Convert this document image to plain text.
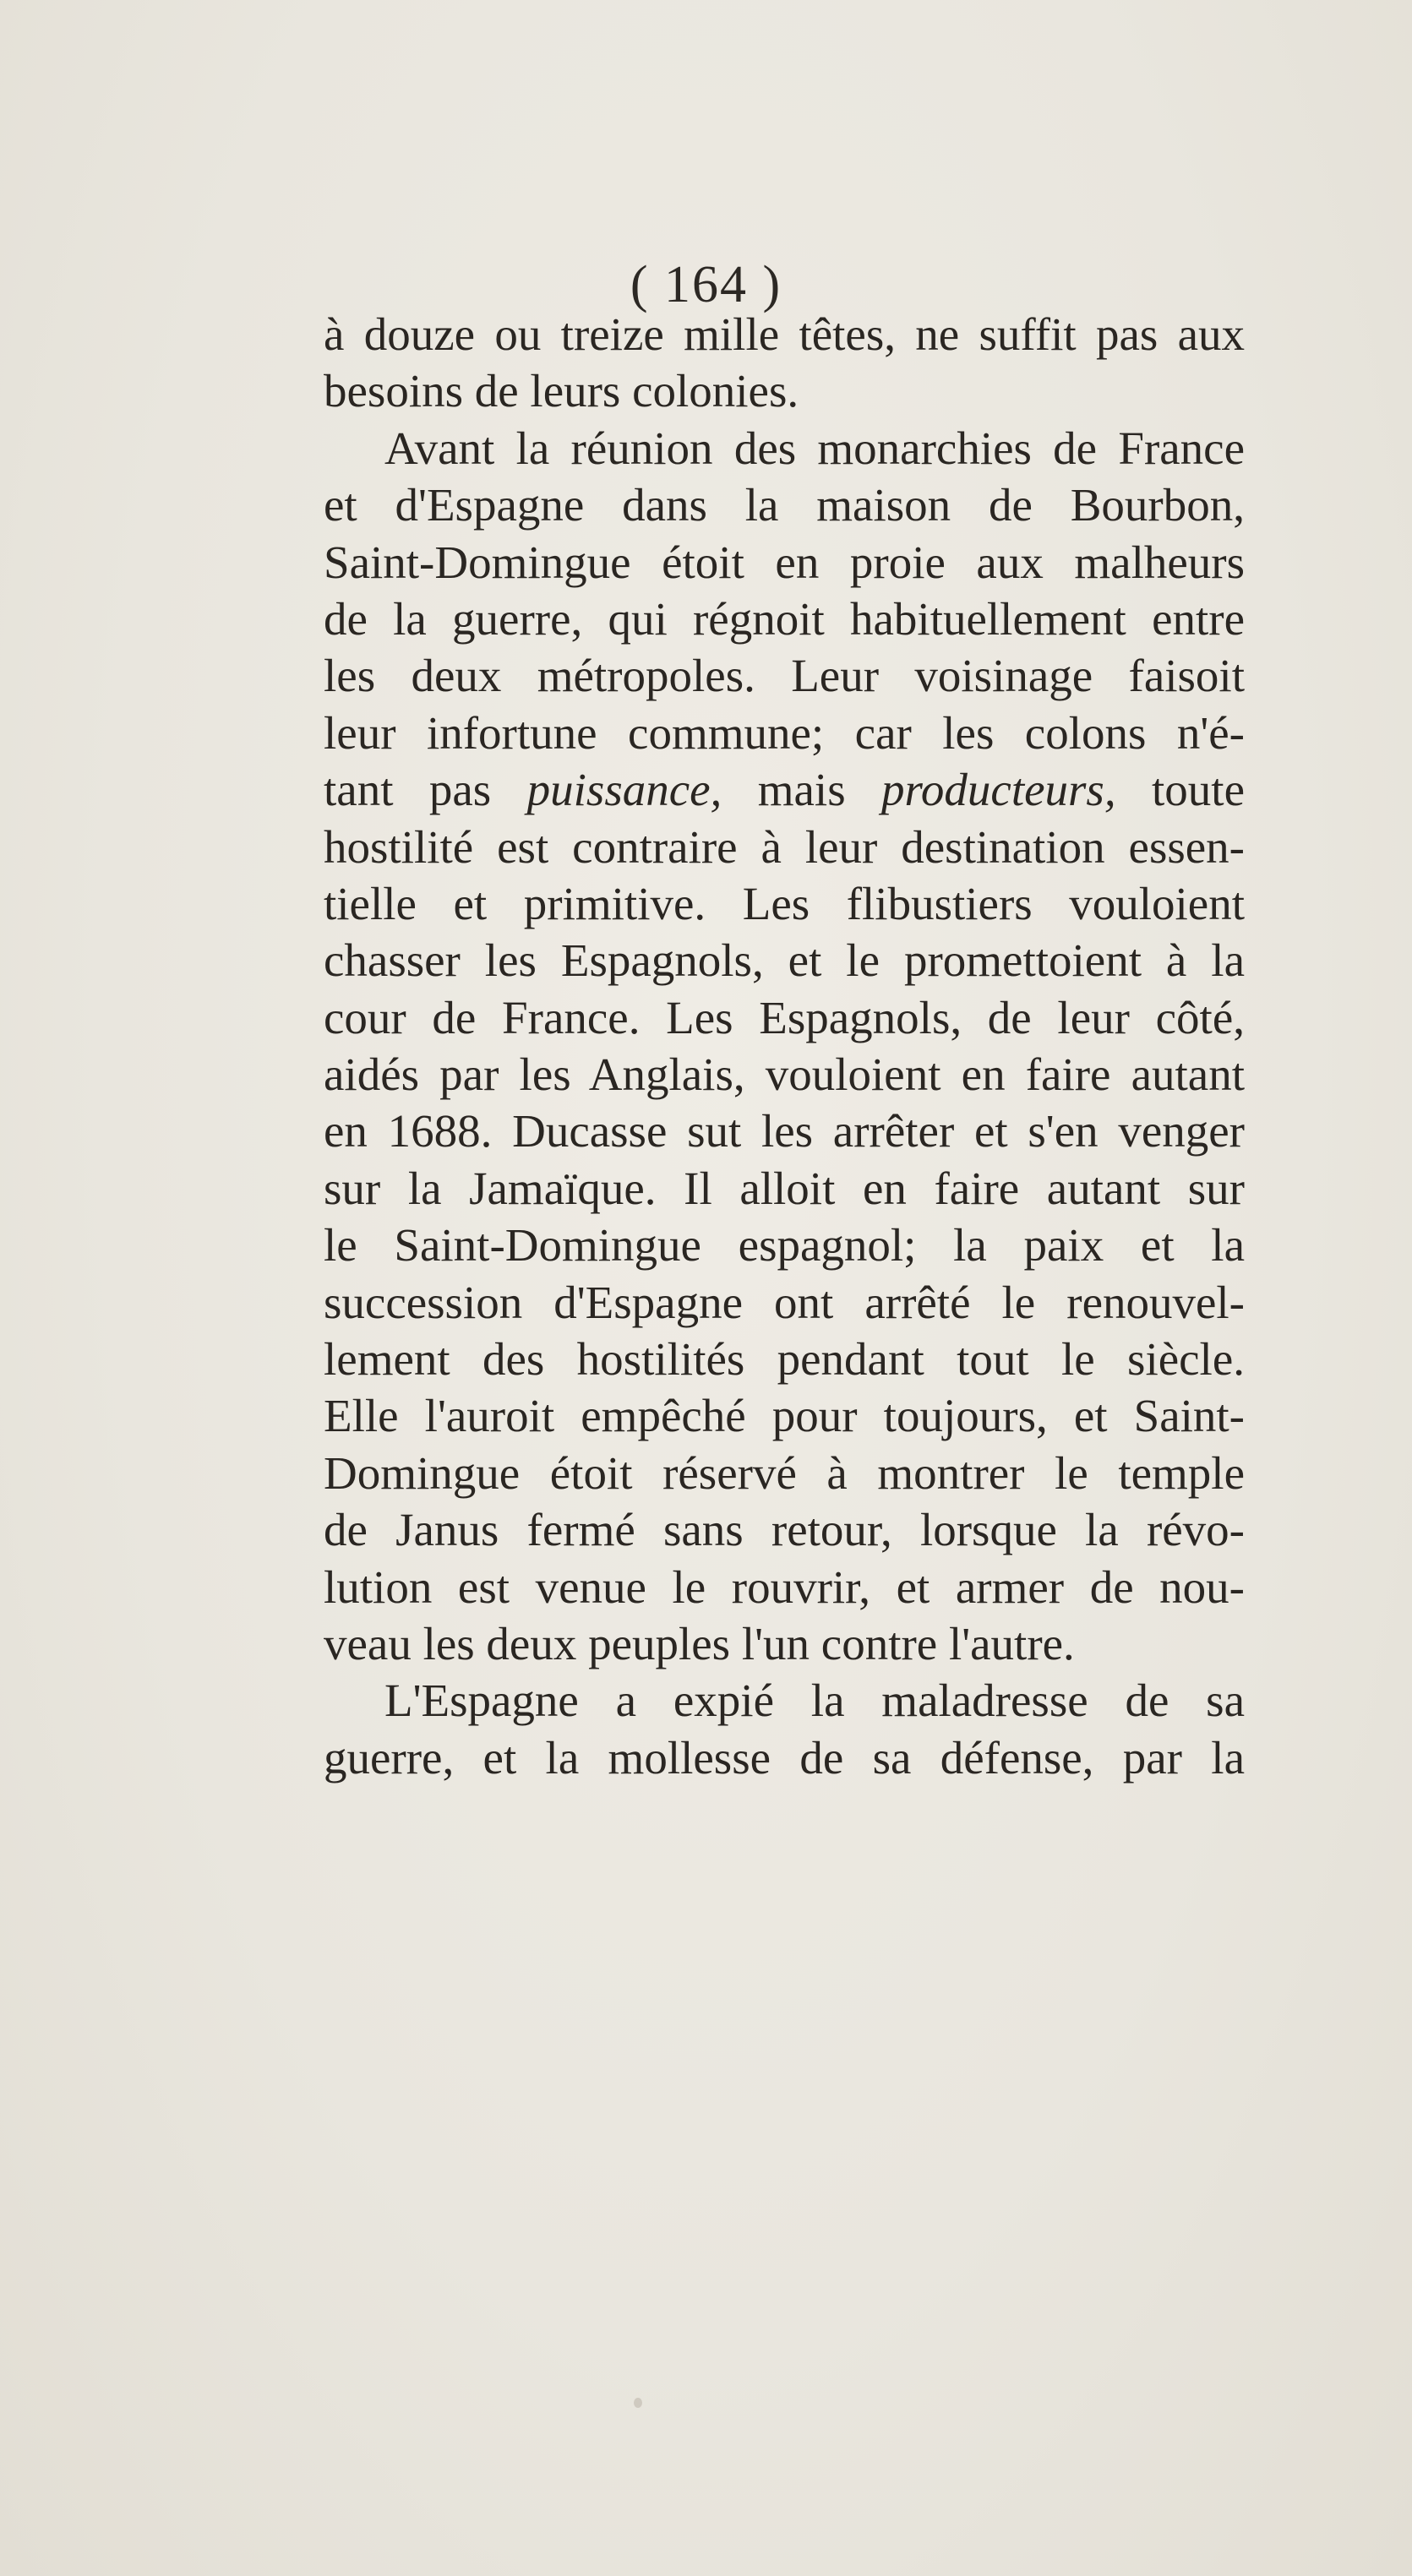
( 164 )
à douze ou treize mille têtes, ne suffit pas aux
besoins de leurs colonies.
Avant la réunion des monarchies de France
et d'Espagne dans la maison de Bourbon,
Saint-Domingue étoit en proie aux malheurs
de la guerre, qui régnoit habituellement entre
les deux métropoles. Leur voisinage faisoit
leur infortune commune; car les colons n'é-
tant pas puissance, mais producteurs, toute
hostilité est contraire à leur destination essen-
tielle et primitive. Les flibustiers vouloient
chasser les Espagnols, et le promettoient à la
cour de France. Les Espagnols, de leur côté,
aidés par les Anglais, vouloient en faire autant
en 1688. Ducasse sut les arrêter et s'en venger
sur la Jamaïque. Il alloit en faire autant sur
le Saint-Domingue espagnol; la paix et la
succession d'Espagne ont arrêté le renouvel-
lement des hostilités pendant tout le siècle.
Elle l'auroit empêché pour toujours, et Saint-
Domingue étoit réservé à montrer le temple
de Janus fermé sans retour, lorsque la révo-
lution est venue le rouvrir, et armer de nou-
veau les deux peuples l'un contre l'autre.
L'Espagne a expié la maladresse de sa
guerre, et la mollesse de sa défense, par la
